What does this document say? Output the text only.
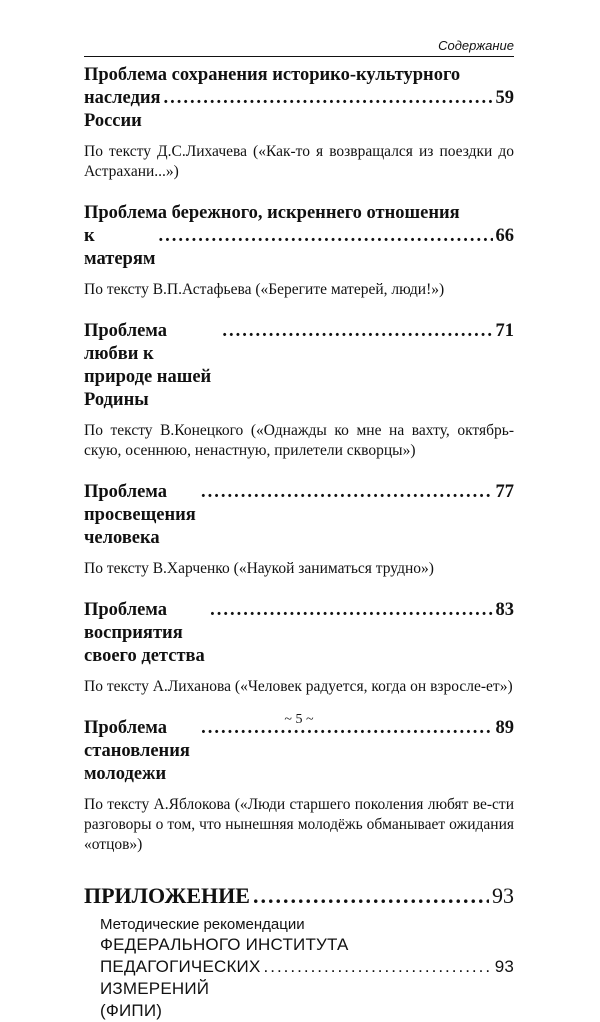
Содержание
Проблема сохранения историко-культурного
наследия России
.....
59
По тексту Д.С.Лихачева («Как-то я возвращался из поездки до Астрахани...»)
Проблема бережного, искреннего отношения
к матерям
.....
66
По тексту В.П.Астафьева («Берегите матерей, люди!»)
Проблема любви к природе нашей Родины
.....
71
По тексту В.Конецкого («Однажды ко мне на вахту, октябрь-скую, осеннюю, ненастную, прилетели скворцы»)
Проблема просвещения человека
.....
77
По тексту В.Харченко («Наукой заниматься трудно»)
Проблема восприятия своего детства
.....
83
По тексту А.Лиханова («Человек радуется, когда он взросле-ет»)
Проблема становления молодежи
.....
89
По тексту А.Яблокова («Люди старшего поколения любят ве-сти разговоры о том, что нынешняя молодёжь обманывает ожидания «отцов»)
ПРИЛОЖЕНИЕ
.....	93
Методические рекомендации
ФЕДЕРАЛЬНОГО ИНСТИТУТА
ПЕДАГОГИЧЕСКИХ ИЗМЕРЕНИЙ (ФИПИ)
.....
93
~ 5 ~
